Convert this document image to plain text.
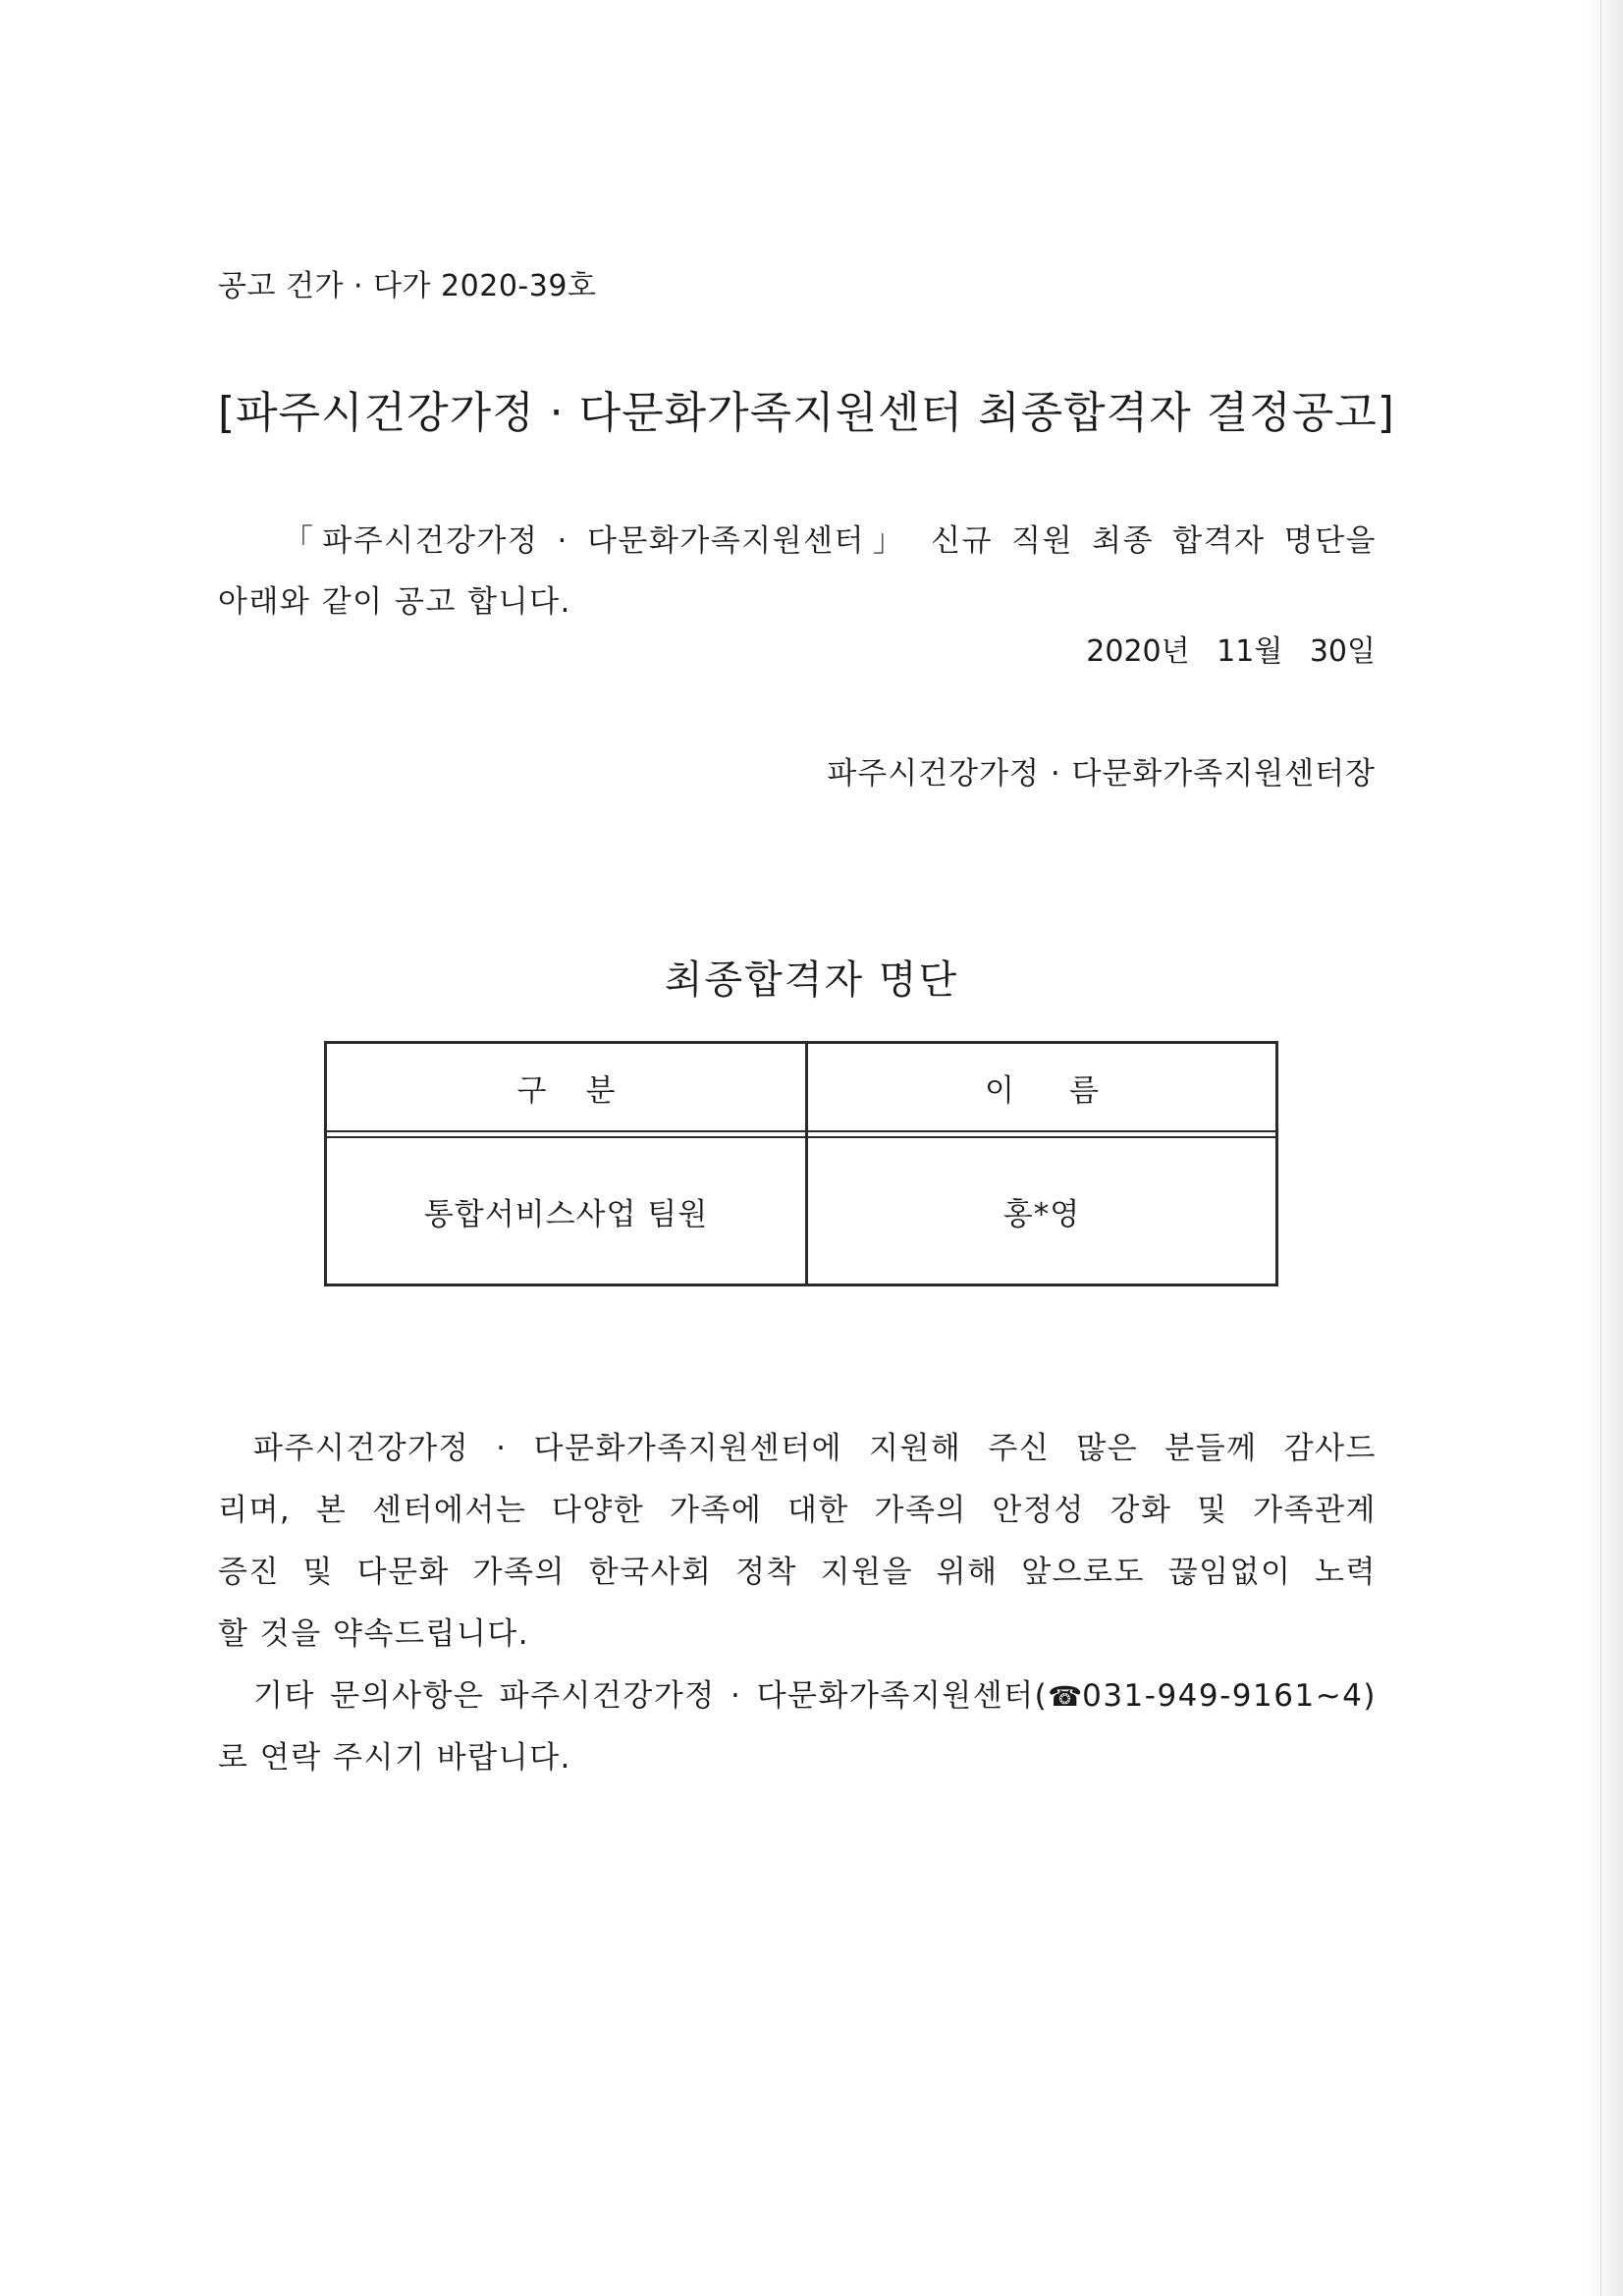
공고 건가 · 다가 2020-39호
[파주시건강가정 · 다문화가족지원센터 최종합격자 결정공고]
「파주시건강가정 · 다문화가족지원센터」 신규 직원 최종 합격자 명단을
아래와 같이 공고 합니다.
2020년 11월 30일
파주시건강가정 · 다문화가족지원센터장
최종합격자 명단
구분	이름
통합서비스사업 팀원	홍*영
파주시건강가정 · 다문화가족지원센터에 지원해 주신 많은 분들께 감사드
리며, 본 센터에서는 다양한 가족에 대한 가족의 안정성 강화 및 가족관계
증진 및 다문화 가족의 한국사회 정착 지원을 위해 앞으로도 끊임없이 노력
할 것을 약속드립니다.
기타 문의사항은 파주시건강가정 · 다문화가족지원센터(☎031-949-9161~4)
로 연락 주시기 바랍니다.
